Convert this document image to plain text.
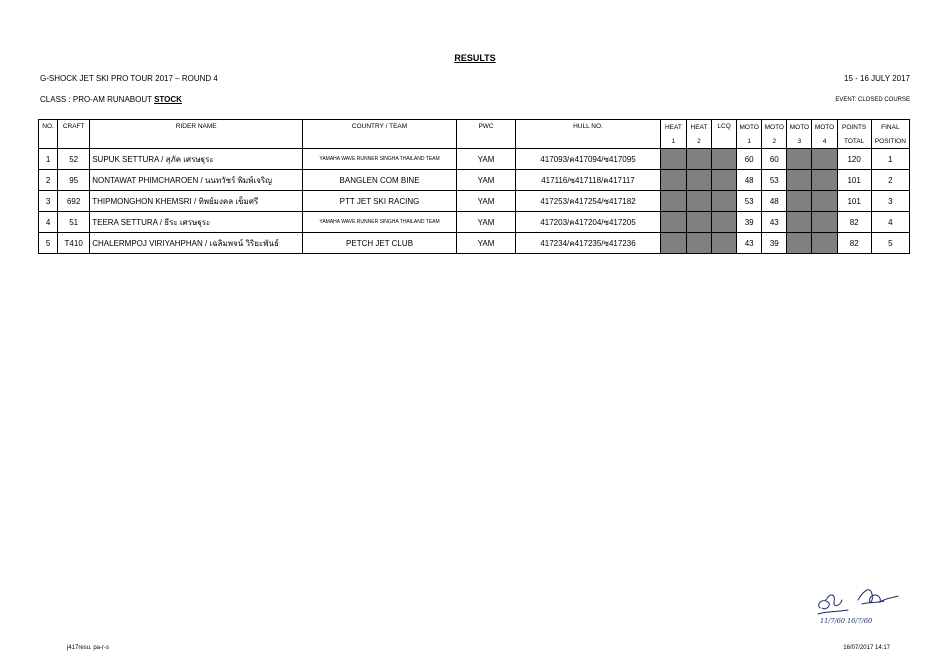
RESULTS
G-SHOCK JET SKI PRO TOUR 2017 – ROUND 4	15 - 16 JULY 2017
CLASS : PRO-AM RUNABOUT STOCK	EVENT: CLOSED COURSE
NO.	CRAFT	RIDER NAME	COUNTRY / TEAM	PWC	HULL NO.	HEAT	HEAT	LCQ	MOTO	MOTO	MOTO	MOTO	POINTS	FINAL
						1	2		1	2	3	4	TOTAL	POSITION
1	52	SUPUK SETTURA / สุภัค เศรษฐุระ	YAMAHA WAVE RUNNER SINGHA THAILAND TEAM	YAM	417093/ค417094/ซ417095				60	60			120	1
2	95	NONTAWAT PHIMCHAROEN / นนทวัชร์ พิมพ์เจริญ	BANGLEN COM BINE	YAM	417116/ซ417118/ค417117				48	53			101	2
3	692	THIPMONGHON KHEMSRI / ทิพย์มงคล เข็มศรี	PTT JET SKI RACING	YAM	417253/ค417254/ซ417182				53	48			101	3
4	51	TEERA SETTURA / ธีระ เศรษฐุระ	YAMAHA WAVE RUNNER SINGHA THAILAND TEAM	YAM	417203/ค417204/ซ417205				39	43			82	4
5	T410	CHALERMPOJ VIRIYAHPHAN / เฉลิมพจน์ วิริยะพันธ์	PETCH JET CLUB	YAM	417234/ค417235/ซ417236				43	39			82	5
11/7/60 16/7/60
j417resu. pa-r-s	16/07/2017 14:17
